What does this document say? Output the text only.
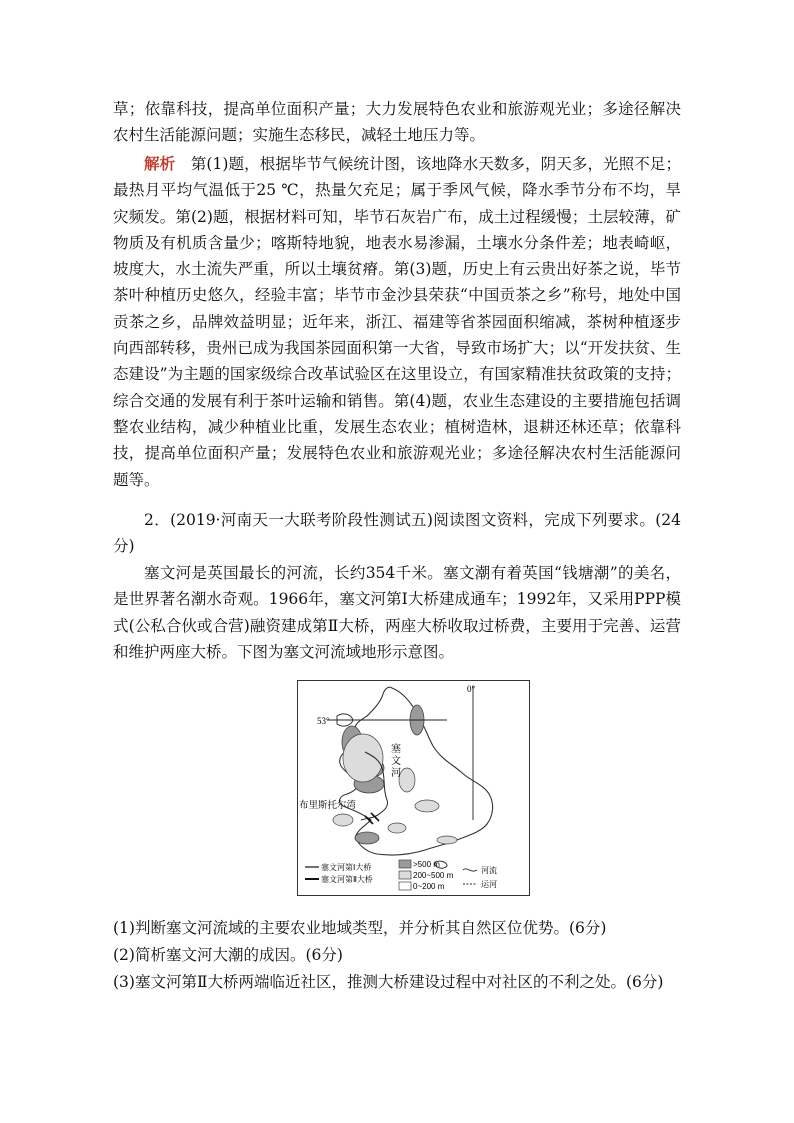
草；依靠科技，提高单位面积产量；大力发展特色农业和旅游观光业；多途径解决农村生活能源问题；实施生态移民，减轻土地压力等。

解析　第(1)题，根据毕节气候统计图，该地降水天数多，阴天多，光照不足；最热月平均气温低于25 ℃，热量欠充足；属于季风气候，降水季节分布不均，旱灾频发。第(2)题，根据材料可知，毕节石灰岩广布，成土过程缓慢；土层较薄，矿物质及有机质含量少；喀斯特地貌，地表水易渗漏，土壤水分条件差；地表崎岖，坡度大，水土流失严重，所以土壤贫瘠。第(3)题，历史上有云贵出好茶之说，毕节茶叶种植历史悠久，经验丰富；毕节市金沙县荣获“中国贡茶之乡”称号，地处中国贡茶之乡，品牌效益明显；近年来，浙江、福建等省茶园面积缩减，茶树种植逐步向西部转移，贵州已成为我国茶园面积第一大省，导致市场扩大；以“开发扶贫、生态建设”为主题的国家级综合改革试验区在这里设立，有国家精准扶贫政策的支持；综合交通的发展有利于茶叶运输和销售。第(4)题，农业生态建设的主要措施包括调整农业结构，减少种植业比重，发展生态农业；植树造林，退耕还林还草；依靠科技，提高单位面积产量；发展特色农业和旅游观光业；多途径解决农村生活能源问题等。

2．(2019·河南天一大联考阶段性测试五)阅读图文资料，完成下列要求。(24分)

塞文河是英国最长的河流，长约354千米。塞文潮有着英国“钱塘潮”的美名，是世界著名潮水奇观。1966年，塞文河第Ⅰ大桥建成通车；1992年，又采用PPP模式(公私合伙或合营)融资建成第Ⅱ大桥，两座大桥收取过桥费，主要用于完善、运营和维护两座大桥。下图为塞文河流域地形示意图。

53°
0°
塞
文
河
布里斯托尔湾
塞文河第Ⅰ大桥
塞文河第Ⅱ大桥
>500 m
200~500 m
0~200 m
河流
运河

(1)判断塞文河流域的主要农业地域类型，并分析其自然区位优势。(6分)

(2)简析塞文河大潮的成因。(6分)

(3)塞文河第Ⅱ大桥两端临近社区，推测大桥建设过程中对社区的不利之处。(6分)
